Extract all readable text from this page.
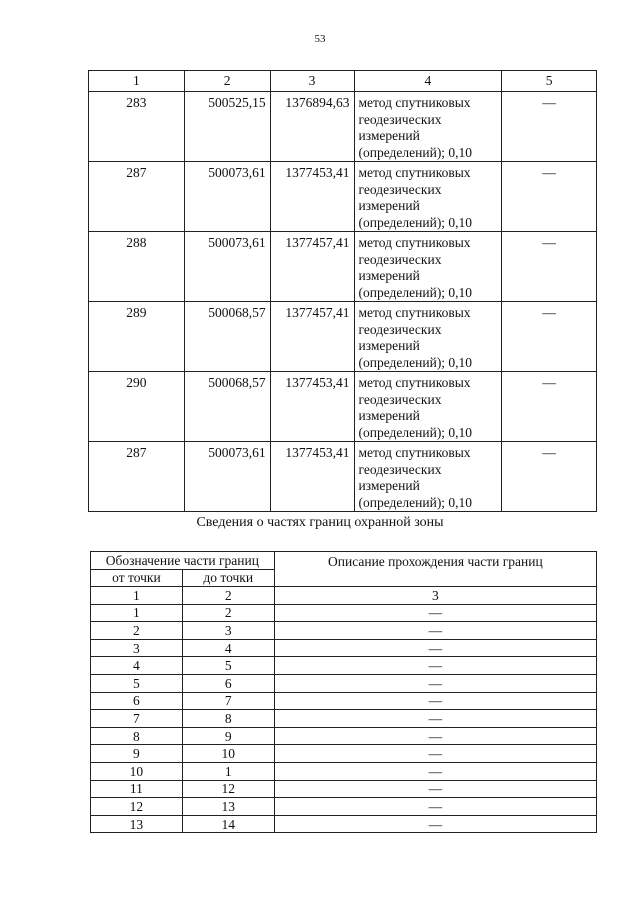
53
1	2	3	4	5
283	500525,15	1376894,63	метод спутниковых
геодезических
измерений
(определений); 0,10	—
287	500073,61	1377453,41	метод спутниковых
геодезических
измерений
(определений); 0,10	—
288	500073,61	1377457,41	метод спутниковых
геодезических
измерений
(определений); 0,10	—
289	500068,57	1377457,41	метод спутниковых
геодезических
измерений
(определений); 0,10	—
290	500068,57	1377453,41	метод спутниковых
геодезических
измерений
(определений); 0,10	—
287	500073,61	1377453,41	метод спутниковых
геодезических
измерений
(определений); 0,10	—
Сведения о частях границ охранной зоны
Обозначение части границ		Описание прохождения части границ
от точки	до точки	
1	2	3
1	2	—
2	3	—
3	4	—
4	5	—
5	6	—
6	7	—
7	8	—
8	9	—
9	10	—
10	1	—
11	12	—
12	13	—
13	14	—
